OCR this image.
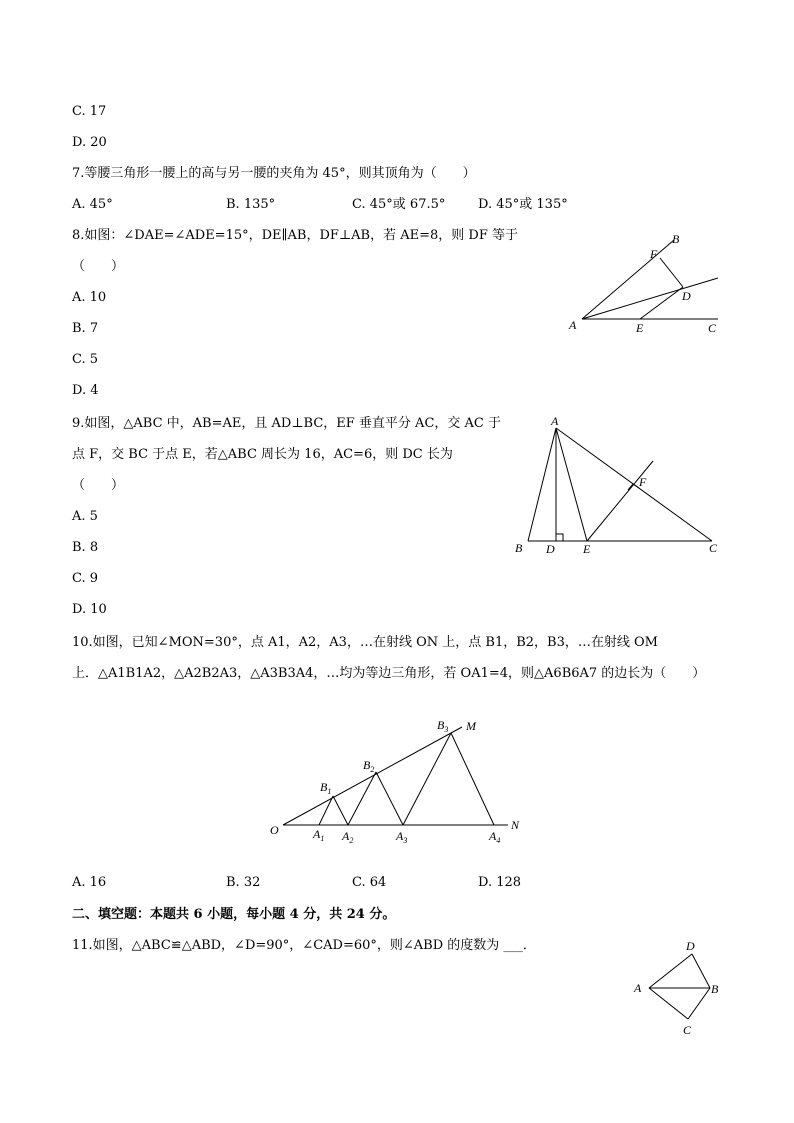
C. 17
D. 20
7.等腰三角形一腰上的高与另一腰的夹角为 45°，则其顶角为（　　）
A. 45°	B. 135°	C. 45°或 67.5°	D. 45°或 135°
8.如图：∠DAE=∠ADE=15°，DE∥AB，DF⊥AB，若 AE=8，则 DF 等于
（　　）
A. 10
B. 7
C. 5
D. 4
A
B
C
D
E
F
9.如图，△ABC 中，AB=AE，且 AD⊥BC，EF 垂直平分 AC，交 AC 于
点 F，交 BC 于点 E，若△ABC 周长为 16，AC=6，则 DC 长为
（　　）
A. 5
B. 8
C. 9
D. 10
A
B	C
D E
F
10.如图，已知∠MON=30°，点 A1，A2，A3，…在射线 ON 上，点 B1，B2，B3，…在射线 OM
上．△A1B1A2，△A2B2A3，△A3B3A4，…均为等边三角形，若 OA1=4，则△A6B6A7 的边长为（　　）
O
M
N
$A_1$ $A_2$	$A_3$	$A_4$
$B_1$
$B_2$
$B_3$
A. 16	B. 32	C. 64	D. 128
二、填空题：本题共 6 小题，每小题 4 分，共 24 分。
11.如图，△ABC≌△ABD，∠D=90°，∠CAD=60°，则∠ABD 的度数为 ___．
A	B
C
D
